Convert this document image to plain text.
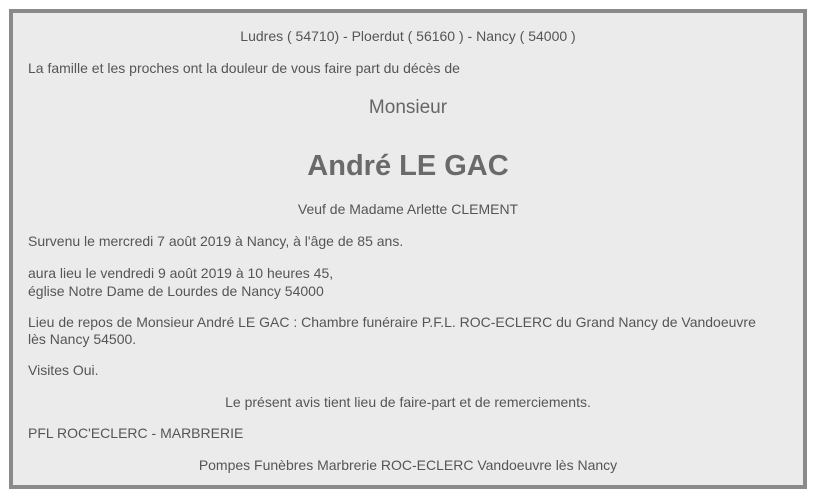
Ludres ( 54710) - Ploerdut ( 56160 ) - Nancy ( 54000 )
La famille et les proches ont la douleur de vous faire part du décès de
Monsieur
André LE GAC
Veuf de Madame Arlette CLEMENT
Survenu le mercredi 7 août 2019 à Nancy, à l'âge de 85 ans.
aura lieu le vendredi 9 août 2019 à 10 heures 45,
église Notre Dame de Lourdes de Nancy 54000
Lieu de repos de Monsieur André LE GAC : Chambre funéraire P.F.L. ROC-ECLERC du Grand Nancy de Vandoeuvre
lès Nancy 54500.
Visites Oui.
Le présent avis tient lieu de faire-part et de remerciements.
PFL ROC'ECLERC - MARBRERIE
Pompes Funèbres Marbrerie ROC-ECLERC Vandoeuvre lès Nancy
